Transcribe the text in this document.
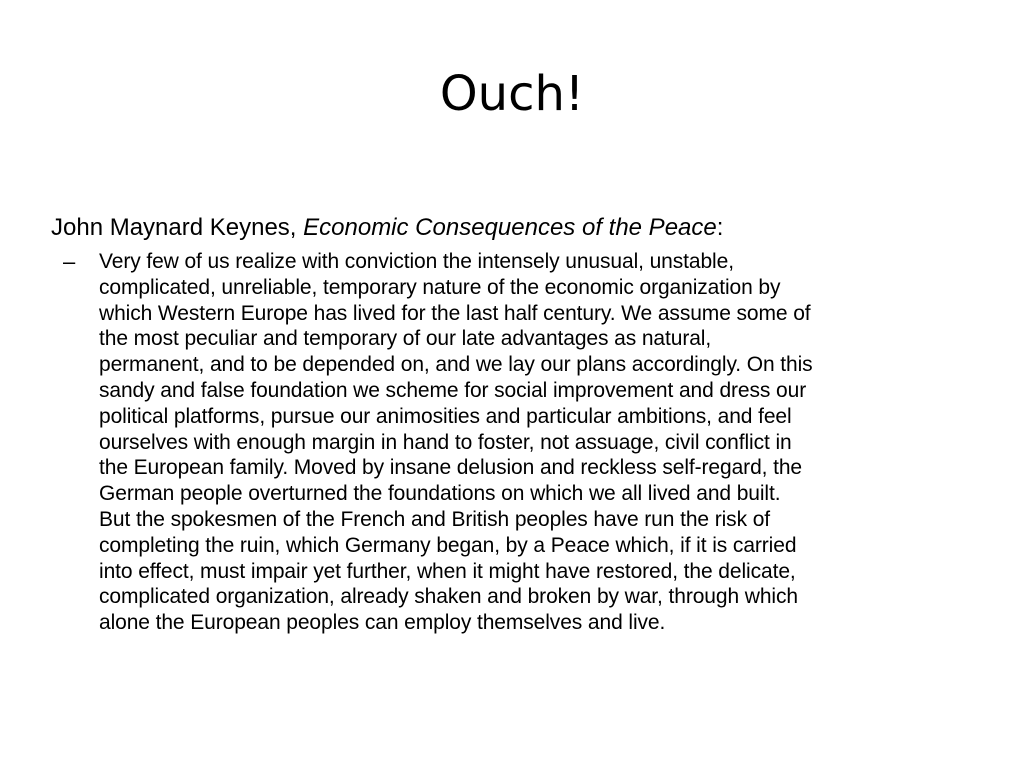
Ouch!

John Maynard Keynes, Economic Consequences of the Peace:

– Very few of us realize with conviction the intensely unusual, unstable,
complicated, unreliable, temporary nature of the economic organization by
which Western Europe has lived for the last half century. We assume some of
the most peculiar and temporary of our late advantages as natural,
permanent, and to be depended on, and we lay our plans accordingly. On this
sandy and false foundation we scheme for social improvement and dress our
political platforms, pursue our animosities and particular ambitions, and feel
ourselves with enough margin in hand to foster, not assuage, civil conflict in
the European family. Moved by insane delusion and reckless self-regard, the
German people overturned the foundations on which we all lived and built.
But the spokesmen of the French and British peoples have run the risk of
completing the ruin, which Germany began, by a Peace which, if it is carried
into effect, must impair yet further, when it might have restored, the delicate,
complicated organization, already shaken and broken by war, through which
alone the European peoples can employ themselves and live.
